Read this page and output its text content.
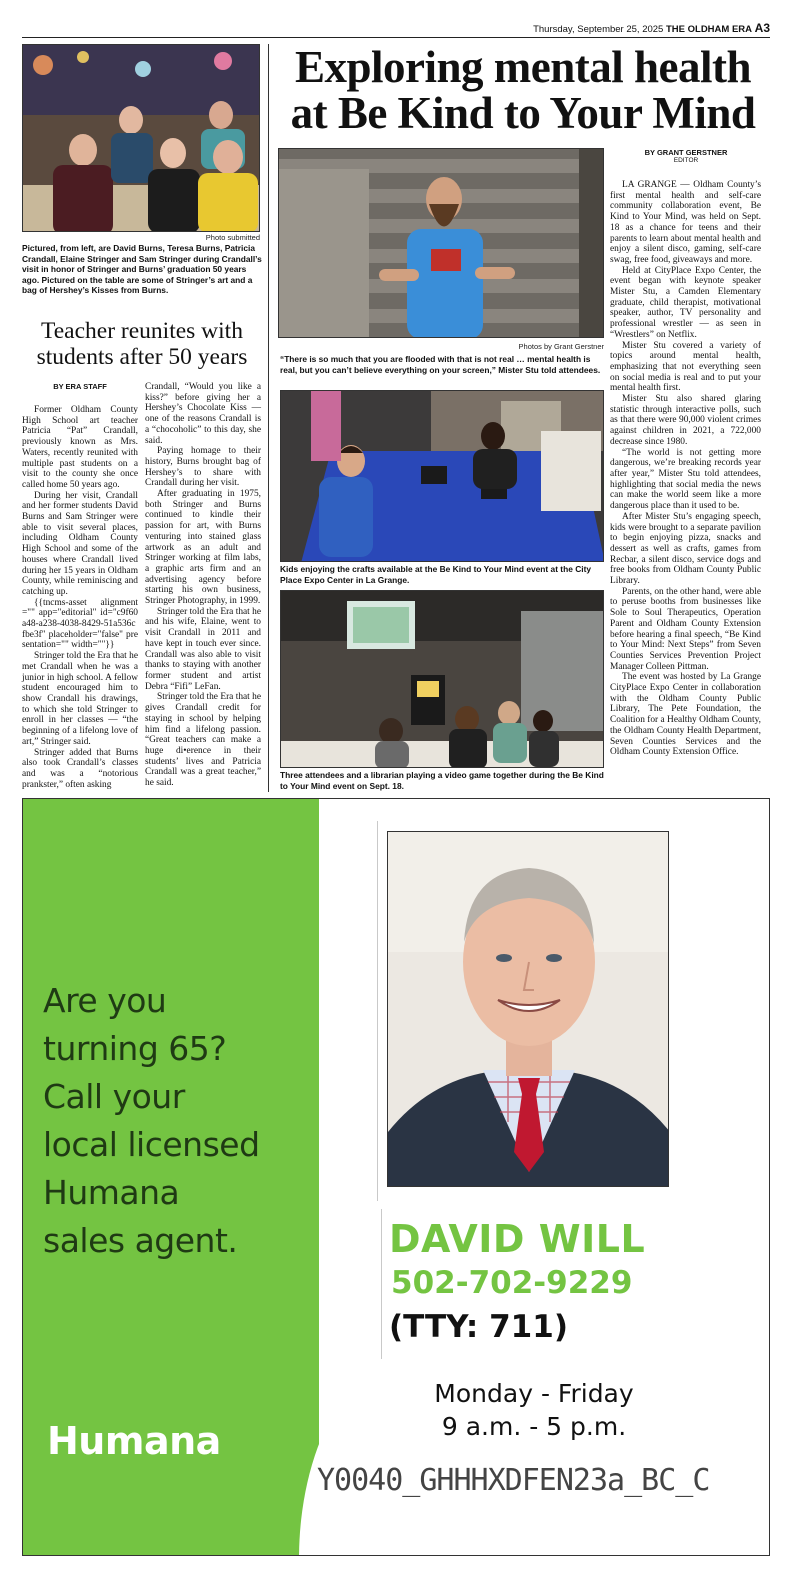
Thursday, September 25, 2025 THE OLDHAM ERA A3
Photo submitted
Pictured, from left, are David Burns, Teresa Burns, Patricia Crandall, Elaine Stringer and Sam Stringer during Crandall’s visit in honor of Stringer and Burns’ graduation 50 years ago. Pictured on the table are some of Stringer’s art and a bag of Hershey’s Kisses from Burns.
Teacher reunites with students after 50 years
BY ERA STAFF

Former Oldham County High School art teacher Patricia “Pat” Crandall, previously known as Mrs. Waters, recently reunited with multiple past students on a visit to the county she once called home 50 years ago.

During her visit, Crandall and her former students David Burns and Sam Stringer were able to visit several places, including Oldham County High School and some of the houses where Crandall lived during her 15 years in Oldham County, while reminiscing and catching up.

{{tncms-asset alignment="" app="editorial" id="c9f60a48-a238-4038-8429-51a536cfbe3f" placeholder="false" presentation="" width=""}}

Stringer told the Era that he met Crandall when he was a junior in high school. A fellow student encouraged him to show Crandall his drawings, to which she told Stringer to enroll in her classes — “the beginning of a lifelong love of art,” Stringer said.

Stringer added that Burns also took Crandall’s classes and was a “notorious prankster,” often asking

Crandall, “Would you like a kiss?” before giving her a Hershey’s Chocolate Kiss — one of the reasons Crandall is a “chocoholic” to this day, she said.

Paying homage to their history, Burns brought bag of Hershey’s to share with Crandall during her visit.

After graduating in 1975, both Stringer and Burns continued to kindle their passion for art, with Burns venturing into stained glass artwork as an adult and Stringer working at film labs, a graphic arts firm and an advertising agency before starting his own business, Stringer Photography, in 1999.

Stringer told the Era that he and his wife, Elaine, went to visit Crandall in 2011 and have kept in touch ever since. Crandall was also able to visit thanks to staying with another former student and artist Debra “Fifi” LeFan.

Stringer told the Era that he gives Crandall credit for staying in school by helping him find a lifelong passion. “Great teachers can make a huge di•erence in their students’ lives and Patricia Crandall was a great teacher,” he said.

Exploring mental health at Be Kind to Your Mind
Photos by Grant Gerstner
“There is so much that you are flooded with that is not real … mental health is real, but you can’t believe everything on your screen,” Mister Stu told attendees.
Kids enjoying the crafts available at the Be Kind to Your Mind event at the City Place Expo Center in La Grange.
Three attendees and a librarian playing a video game together during the Be Kind to Your Mind event on Sept. 18.
BY GRANT GERSTNER
EDITOR

LA GRANGE — Oldham County’s first mental health and self-care community collaboration event, Be Kind to Your Mind, was held on Sept. 18 as a chance for teens and their parents to learn about mental health and enjoy a silent disco, gaming, self-care swag, free food, giveaways and more.

Held at CityPlace Expo Center, the event began with keynote speaker Mister Stu, a Camden Elementary graduate, child therapist, motivational speaker, author, TV personality and professional wrestler — as seen in “Wrestlers” on Netflix.

Mister Stu covered a variety of topics around mental health, emphasizing that not everything seen on social media is real and to put your mental health first.

Mister Stu also shared glaring statistic through interactive polls, such as that there were 90,000 violent crimes against children in 2021, a 722,000 decrease since 1980.

“The world is not getting more dangerous, we’re breaking records year after year,” Mister Stu told attendees, highlighting that social media the news can make the world seem like a more dangerous place than it used to be.

After Mister Stu’s engaging speech, kids were brought to a separate pavilion to begin enjoying pizza, snacks and dessert as well as crafts, games from Recbar, a silent disco, service dogs and free books from Oldham County Public Library.

Parents, on the other hand, were able to peruse booths from businesses like Sole to Soul Therapeutics, Operation Parent and Oldham County Extension before hearing a final speech, “Be Kind to Your Mind: Next Steps” from Seven Counties Services Prevention Project Manager Colleen Pittman.

The event was hosted by La Grange CityPlace Expo Center in collaboration with the Oldham County Public Library, The Pete Foundation, the Coalition for a Healthy Oldham County, the Oldham County Health Department, Seven Counties Services and the Oldham County Extension Office.

Are you
turning 65?
Call your
local licensed
Humana
sales agent.
Humana
DAVID WILL
502-702-9229
(TTY: 711)
Monday - Friday
9 a.m. - 5 p.m.
Y0040_GHHHXDFEN23a_BC_C
